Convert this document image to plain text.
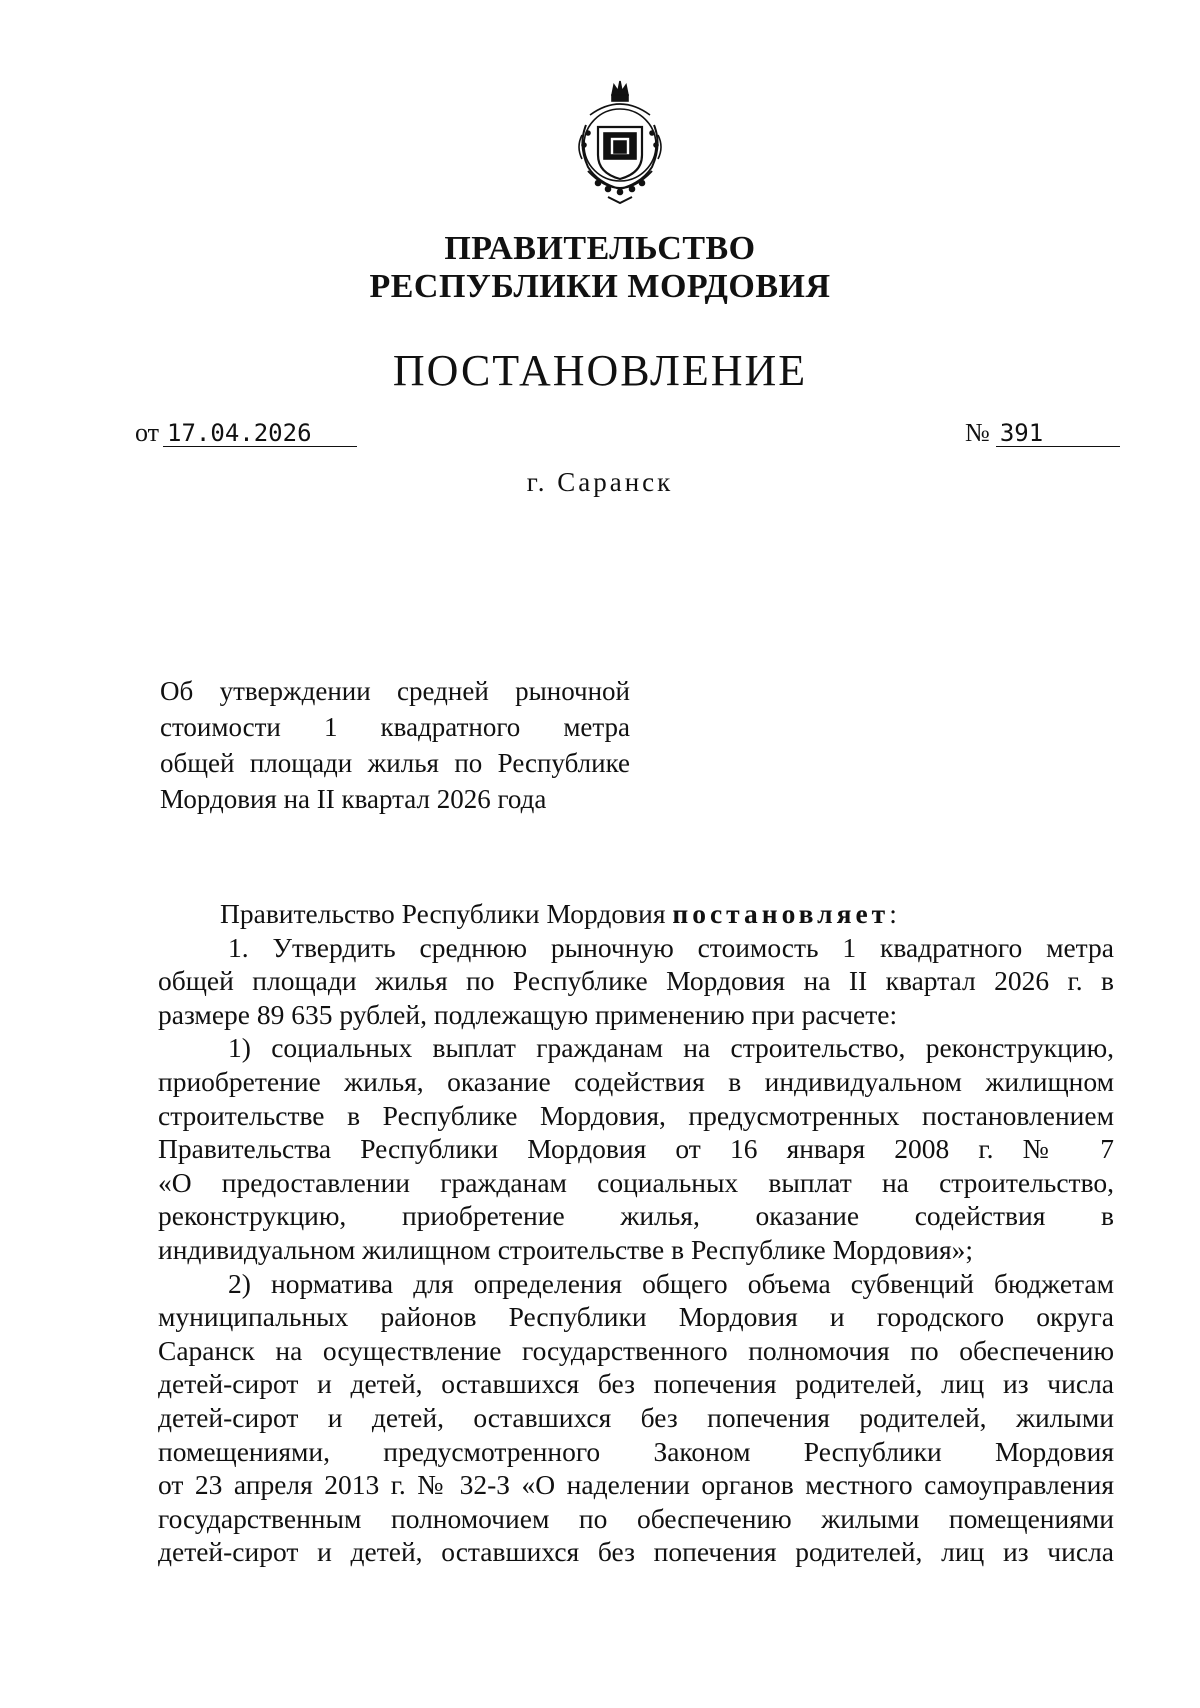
ПРАВИТЕЛЬСТВО
РЕСПУБЛИКИ МОРДОВИЯ
ПОСТАНОВЛЕНИЕ
от 17.04.2026	№ 391
г. Саранск
Об утверждении средней рыночной
стоимости 1 квадратного метра
общей площади жилья по Республике
Мордовия на II квартал 2026 года
Правительство Республики Мордовия постановляет:
1. Утвердить среднюю рыночную стоимость 1 квадратного метра
общей площади жилья по Республике Мордовия на II квартал 2026 г. в
размере 89 635 рублей, подлежащую применению при расчете:
1) социальных выплат гражданам на строительство, реконструкцию,
приобретение жилья, оказание содействия в индивидуальном жилищном
строительстве в Республике Мордовия, предусмотренных постановлением
Правительства Республики Мордовия от 16 января 2008 г. № 7
«О предоставлении гражданам социальных выплат на строительство,
реконструкцию, приобретение жилья, оказание содействия в
индивидуальном жилищном строительстве в Республике Мордовия»;
2) норматива для определения общего объема субвенций бюджетам
муниципальных районов Республики Мордовия и городского округа
Саранск на осуществление государственного полномочия по обеспечению
детей-сирот и детей, оставшихся без попечения родителей, лиц из числа
детей-сирот и детей, оставшихся без попечения родителей, жилыми
помещениями, предусмотренного Законом Республики Мордовия
от 23 апреля 2013 г. № 32-З «О наделении органов местного самоуправления
государственным полномочием по обеспечению жилыми помещениями
детей-сирот и детей, оставшихся без попечения родителей, лиц из числа
